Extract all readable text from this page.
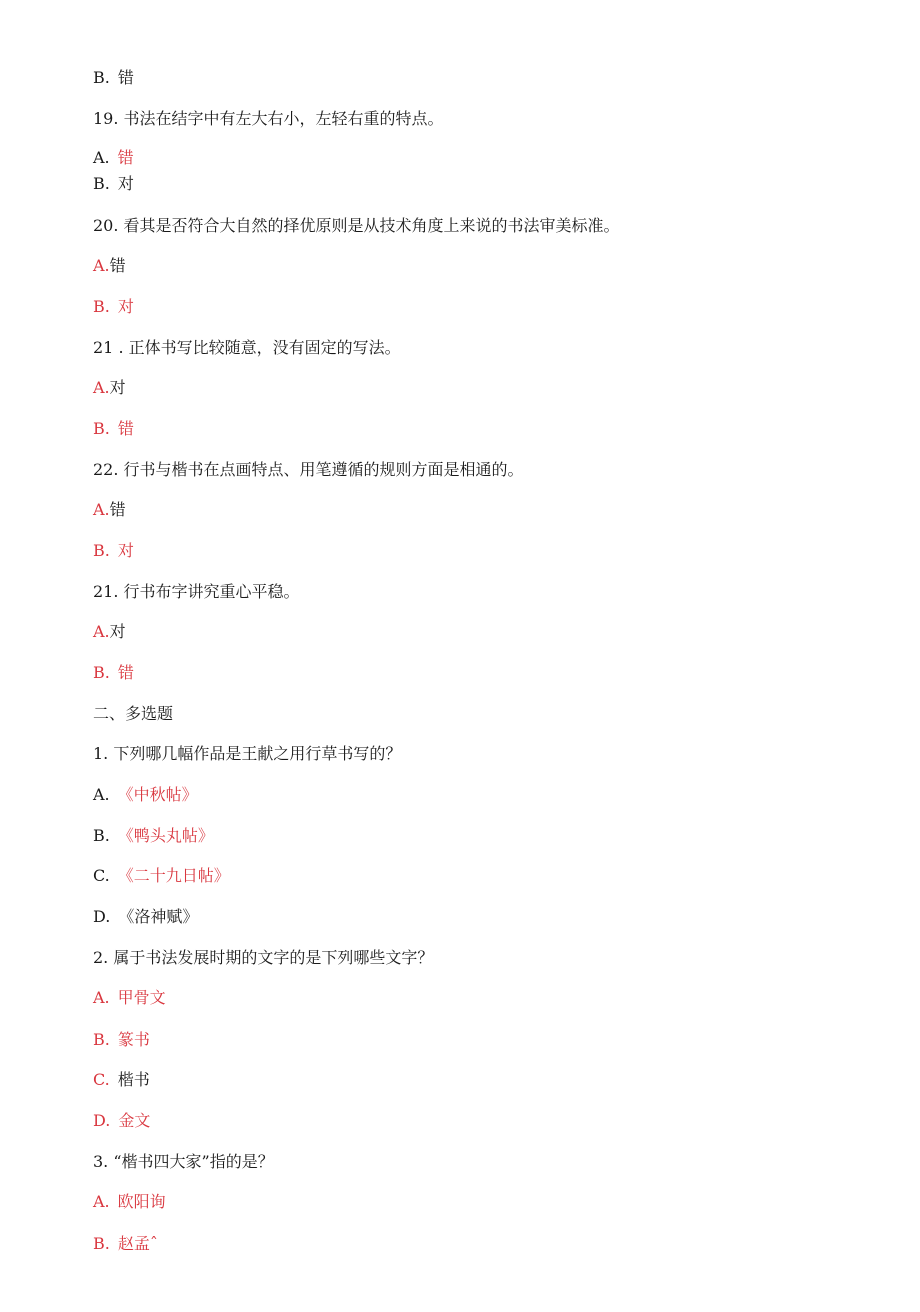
B. 错
19. 书法在结字中有左大右小，左轻右重的特点。
A. 错
B. 对
20. 看其是否符合大自然的择优原则是从技术角度上来说的书法审美标准。
A.错
B. 对
21 . 正体书写比较随意，没有固定的写法。
A.对
B. 错
22. 行书与楷书在点画特点、用笔遵循的规则方面是相通的。
A.错
B. 对
21. 行书布字讲究重心平稳。
A.对
B. 错
二、多选题
1. 下列哪几幅作品是王献之用行草书写的？
A. 《中秋帖》
B. 《鸭头丸帖》
C. 《二十九日帖》
D. 《洛神赋》
2. 属于书法发展时期的文字的是下列哪些文字？
A. 甲骨文
B. 篆书
C. 楷书
D. 金文
3. “楷书四大家”指的是？
A. 欧阳询
B. 赵孟ˆ
